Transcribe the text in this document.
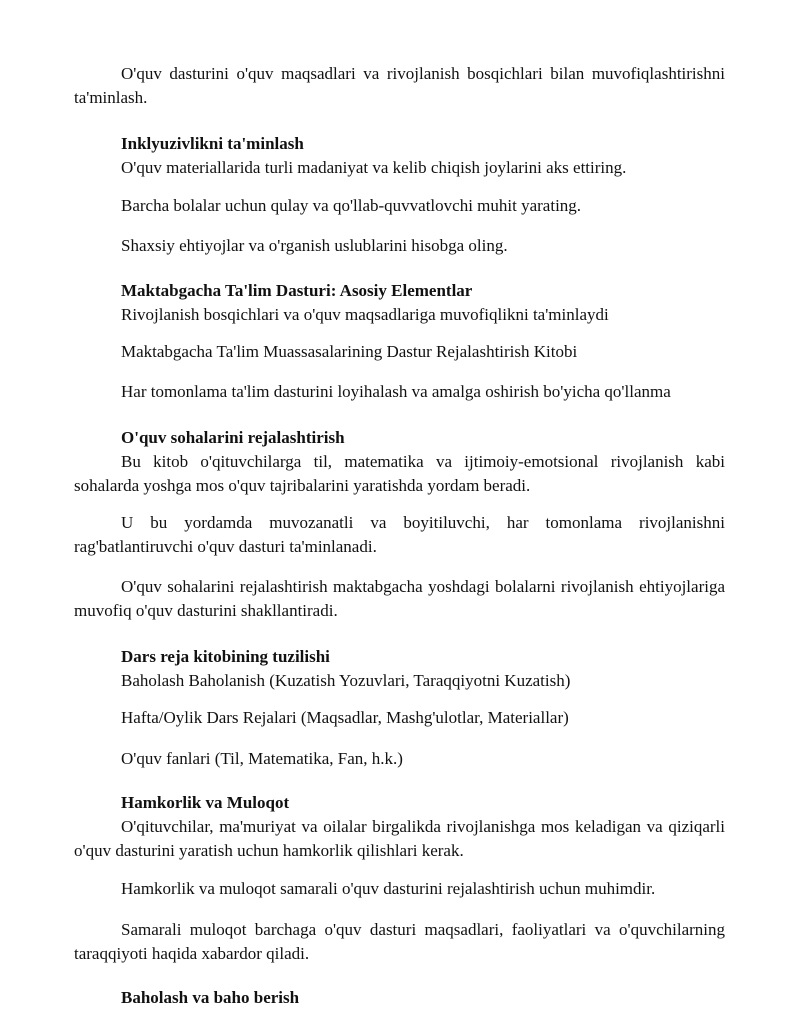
O'quv dasturini o'quv maqsadlari va rivojlanish bosqichlari bilan muvofiqlashtirishni ta'minlash.

Inklyuzivlikni ta'minlash

O'quv materiallarida turli madaniyat va kelib chiqish joylarini aks ettiring.

Barcha bolalar uchun qulay va qo'llab-quvvatlovchi muhit yarating.

Shaxsiy ehtiyojlar va o'rganish uslublarini hisobga oling.

Maktabgacha Ta'lim Dasturi: Asosiy Elementlar

Rivojlanish bosqichlari va o'quv maqsadlariga muvofiqlikni ta'minlaydi

Maktabgacha Ta'lim Muassasalarining Dastur Rejalashtirish Kitobi

Har tomonlama ta'lim dasturini loyihalash va amalga oshirish bo'yicha qo'llanma

O'quv sohalarini rejalashtirish

Bu kitob o'qituvchilarga til, matematika va ijtimoiy-emotsional rivojlanish kabi sohalarda yoshga mos o'quv tajribalarini yaratishda yordam beradi.

U bu yordamda muvozanatli va boyitiluvchi, har tomonlama rivojlanishni rag'batlantiruvchi o'quv dasturi ta'minlanadi.

O'quv sohalarini rejalashtirish maktabgacha yoshdagi bolalarni rivojlanish ehtiyojlariga muvofiq o'quv dasturini shakllantiradi.

Dars reja kitobining tuzilishi

Baholash Baholanish (Kuzatish Yozuvlari, Taraqqiyotni Kuzatish)

Hafta/Oylik Dars Rejalari (Maqsadlar, Mashg'ulotlar, Materiallar)

O'quv fanlari (Til, Matematika, Fan, h.k.)

Hamkorlik va Muloqot

O'qituvchilar, ma'muriyat va oilalar birgalikda rivojlanishga mos keladigan va qiziqarli o'quv dasturini yaratish uchun hamkorlik qilishlari kerak.

Hamkorlik va muloqot samarali o'quv dasturini rejalashtirish uchun muhimdir.

Samarali muloqot barchaga o'quv dasturi maqsadlari, faoliyatlari va o'quvchilarning taraqqiyoti haqida xabardor qiladi.

Baholash va baho berish
